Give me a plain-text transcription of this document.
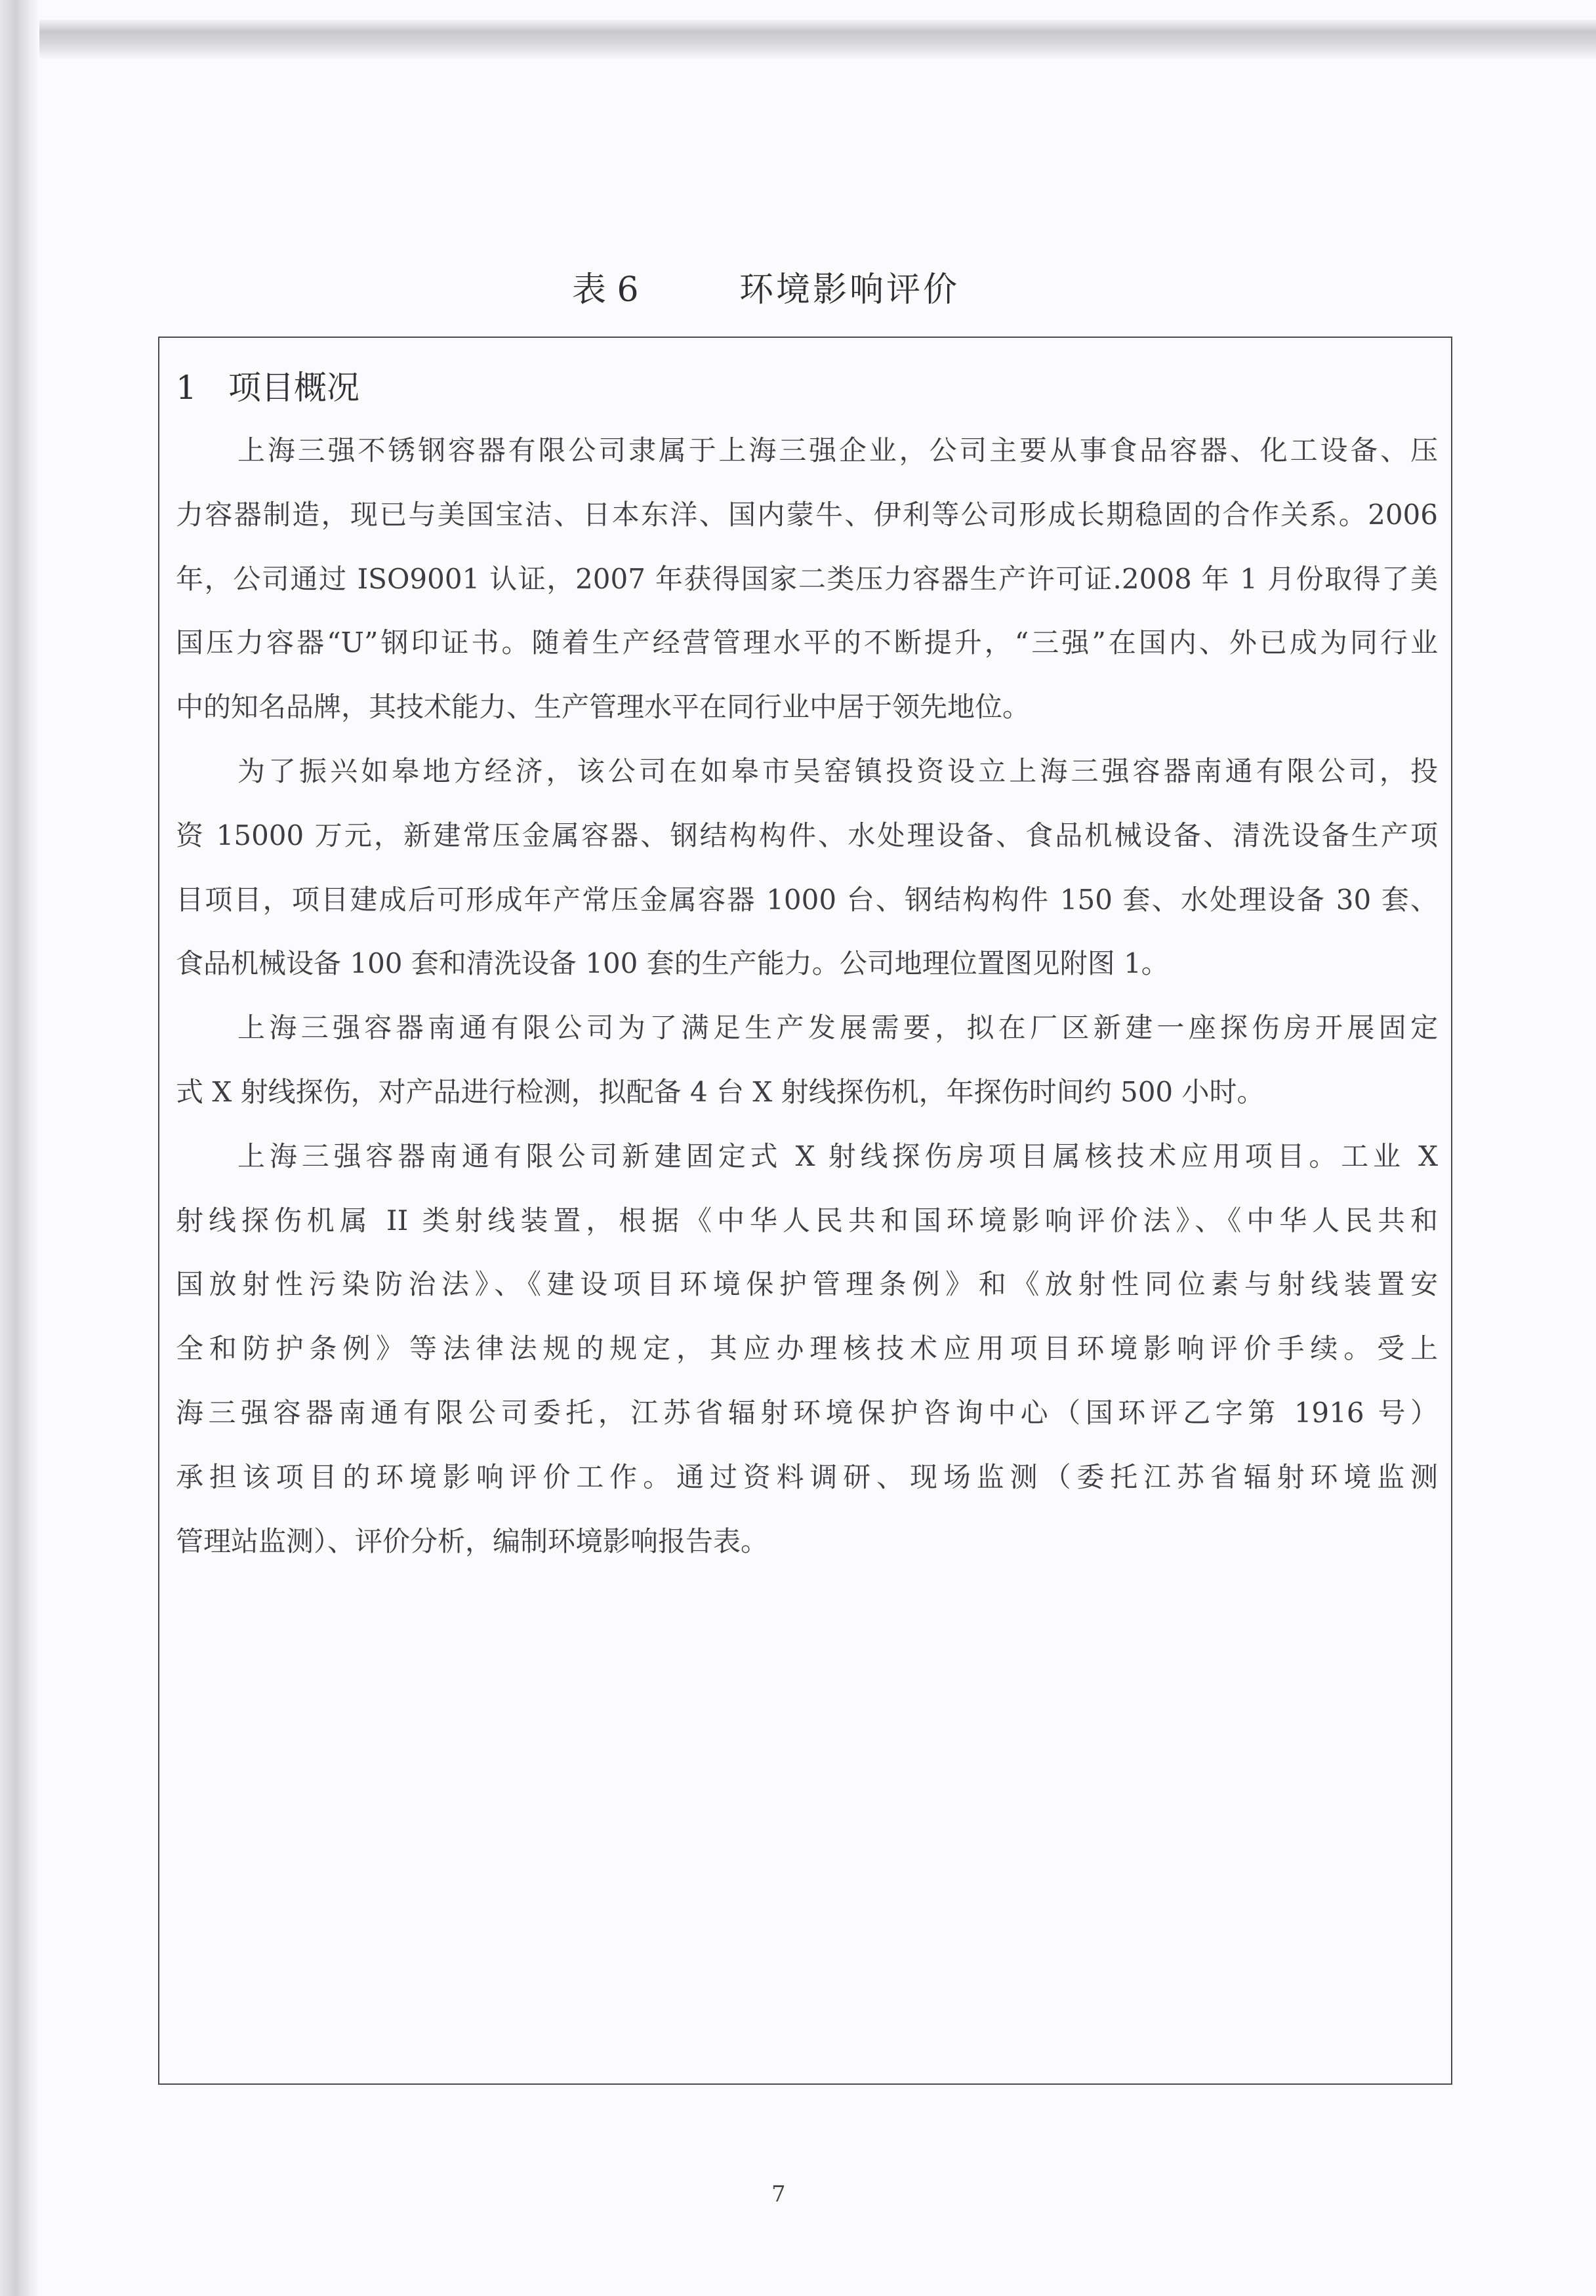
表 6	环境影响评价
1 项目概况
上海三强不锈钢容器有限公司隶属于上海三强企业，公司主要从事食品容器、化工设备、压
力容器制造，现已与美国宝洁、日本东洋、国内蒙牛、伊利等公司形成长期稳固的合作关系。2006
年，公司通过 ISO9001 认证，2007 年获得国家二类压力容器生产许可证.2008 年 1 月份取得了美
国压力容器“U”钢印证书。随着生产经营管理水平的不断提升，“三强”在国内、外已成为同行业
中的知名品牌，其技术能力、生产管理水平在同行业中居于领先地位。
为了振兴如皋地方经济，该公司在如皋市吴窑镇投资设立上海三强容器南通有限公司，投
资 15000 万元，新建常压金属容器、钢结构构件、水处理设备、食品机械设备、清洗设备生产项
目项目，项目建成后可形成年产常压金属容器 1000 台、钢结构构件 150 套、水处理设备 30 套、
食品机械设备 100 套和清洗设备 100 套的生产能力。公司地理位置图见附图 1。
上海三强容器南通有限公司为了满足生产发展需要，拟在厂区新建一座探伤房开展固定
式 X 射线探伤，对产品进行检测，拟配备 4 台 X 射线探伤机，年探伤时间约 500 小时。
上海三强容器南通有限公司新建固定式 X 射线探伤房项目属核技术应用项目。工业 X
射线探伤机属 II 类射线装置，根据《中华人民共和国环境影响评价法》、《中华人民共和
国放射性污染防治法》、《建设项目环境保护管理条例》和《放射性同位素与射线装置安
全和防护条例》等法律法规的规定，其应办理核技术应用项目环境影响评价手续。受上
海三强容器南通有限公司委托，江苏省辐射环境保护咨询中心（国环评乙字第 1916 号）
承担该项目的环境影响评价工作。通过资料调研、现场监测（委托江苏省辐射环境监测
管理站监测）、评价分析，编制环境影响报告表。
7
